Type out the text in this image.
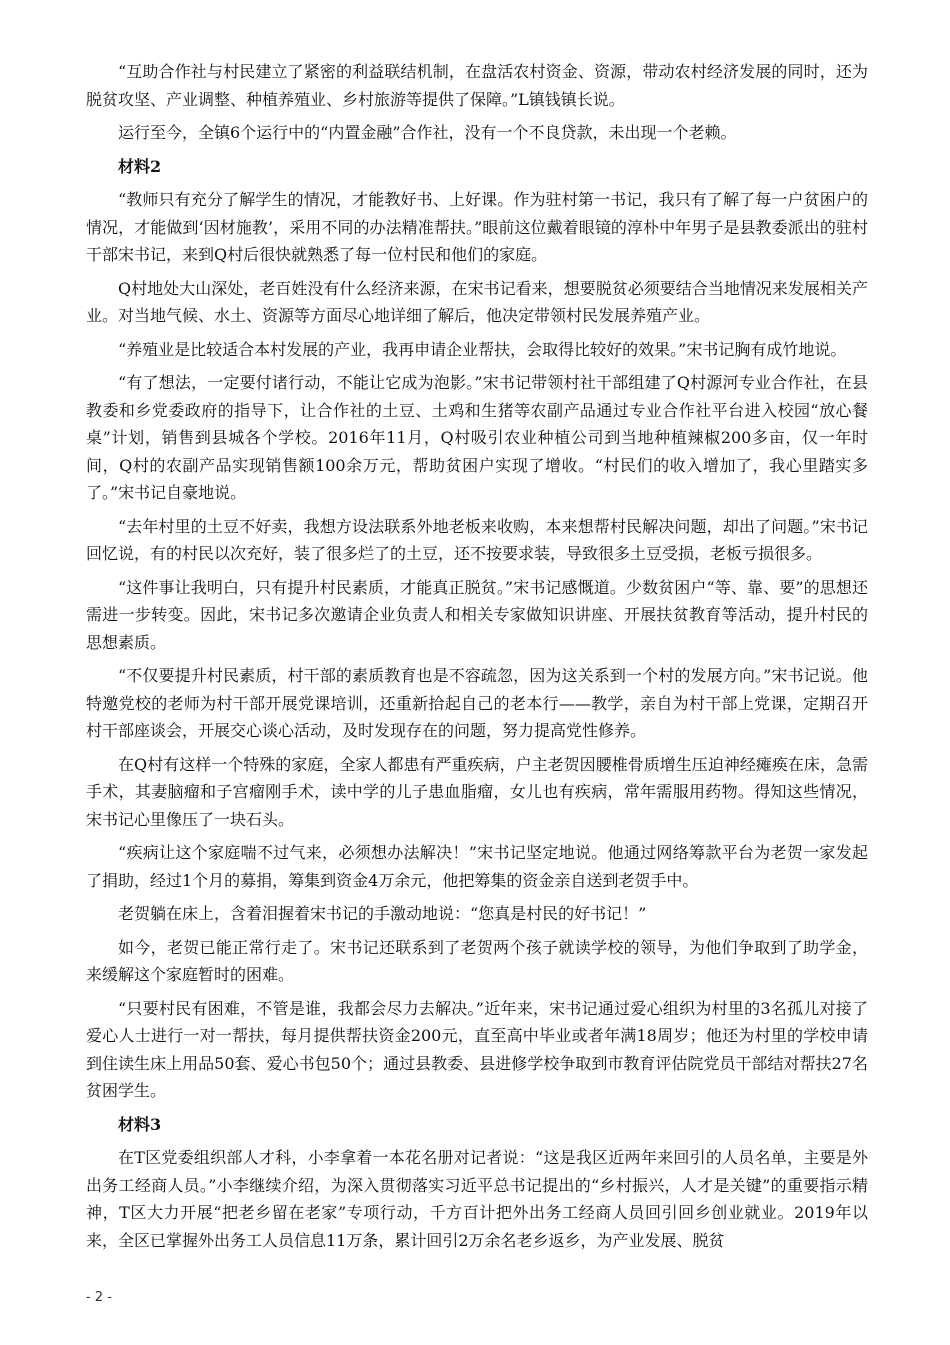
“互助合作社与村民建立了紧密的利益联结机制，在盘活农村资金、资源，带动农村经济发展的同时，还为脱贫攻坚、产业调整、种植养殖业、乡村旅游等提供了保障。”L镇钱镇长说。

运行至今，全镇6个运行中的“内置金融”合作社，没有一个不良贷款，未出现一个老赖。

材料2

“教师只有充分了解学生的情况，才能教好书、上好课。作为驻村第一书记，我只有了解了每一户贫困户的情况，才能做到‘因材施教’，采用不同的办法精准帮扶。”眼前这位戴着眼镜的淳朴中年男子是县教委派出的驻村干部宋书记，来到Q村后很快就熟悉了每一位村民和他们的家庭。

Q村地处大山深处，老百姓没有什么经济来源，在宋书记看来，想要脱贫必须要结合当地情况来发展相关产业。对当地气候、水土、资源等方面尽心地详细了解后，他决定带领村民发展养殖产业。

“养殖业是比较适合本村发展的产业，我再申请企业帮扶，会取得比较好的效果。”宋书记胸有成竹地说。

“有了想法，一定要付诸行动，不能让它成为泡影。”宋书记带领村社干部组建了Q村源河专业合作社，在县教委和乡党委政府的指导下，让合作社的土豆、土鸡和生猪等农副产品通过专业合作社平台进入校园“放心餐桌”计划，销售到县城各个学校。2016年11月，Q村吸引农业种植公司到当地种植辣椒200多亩，仅一年时间，Q村的农副产品实现销售额100余万元，帮助贫困户实现了增收。“村民们的收入增加了，我心里踏实多了。”宋书记自豪地说。

“去年村里的土豆不好卖，我想方设法联系外地老板来收购，本来想帮村民解决问题，却出了问题。”宋书记回忆说，有的村民以次充好，装了很多烂了的土豆，还不按要求装，导致很多土豆受损，老板亏损很多。

“这件事让我明白，只有提升村民素质，才能真正脱贫。”宋书记感慨道。少数贫困户“等、靠、要”的思想还需进一步转变。因此，宋书记多次邀请企业负责人和相关专家做知识讲座、开展扶贫教育等活动，提升村民的思想素质。

“不仅要提升村民素质，村干部的素质教育也是不容疏忽，因为这关系到一个村的发展方向。”宋书记说。他特邀党校的老师为村干部开展党课培训，还重新拾起自己的老本行——教学，亲自为村干部上党课，定期召开村干部座谈会，开展交心谈心活动，及时发现存在的问题，努力提高党性修养。

在Q村有这样一个特殊的家庭，全家人都患有严重疾病，户主老贺因腰椎骨质增生压迫神经瘫痪在床，急需手术，其妻脑瘤和子宫瘤刚手术，读中学的儿子患血脂瘤，女儿也有疾病，常年需服用药物。得知这些情况，宋书记心里像压了一块石头。

“疾病让这个家庭喘不过气来，必须想办法解决！”宋书记坚定地说。他通过网络筹款平台为老贺一家发起了捐助，经过1个月的募捐，筹集到资金4万余元，他把筹集的资金亲自送到老贺手中。

老贺躺在床上，含着泪握着宋书记的手激动地说：“您真是村民的好书记！”

如今，老贺已能正常行走了。宋书记还联系到了老贺两个孩子就读学校的领导，为他们争取到了助学金，来缓解这个家庭暂时的困难。

“只要村民有困难，不管是谁，我都会尽力去解决。”近年来，宋书记通过爱心组织为村里的3名孤儿对接了爱心人士进行一对一帮扶，每月提供帮扶资金200元，直至高中毕业或者年满18周岁；他还为村里的学校申请到住读生床上用品50套、爱心书包50个；通过县教委、县进修学校争取到市教育评估院党员干部结对帮扶27名贫困学生。

材料3

在T区党委组织部人才科，小李拿着一本花名册对记者说：“这是我区近两年来回引的人员名单，主要是外出务工经商人员。”小李继续介绍，为深入贯彻落实习近平总书记提出的“乡村振兴，人才是关键”的重要指示精神，T区大力开展“把老乡留在老家”专项行动，千方百计把外出务工经商人员回引回乡创业就业。2019年以来，全区已掌握外出务工人员信息11万条，累计回引2万余名老乡返乡，为产业发展、脱贫

- 2 -
